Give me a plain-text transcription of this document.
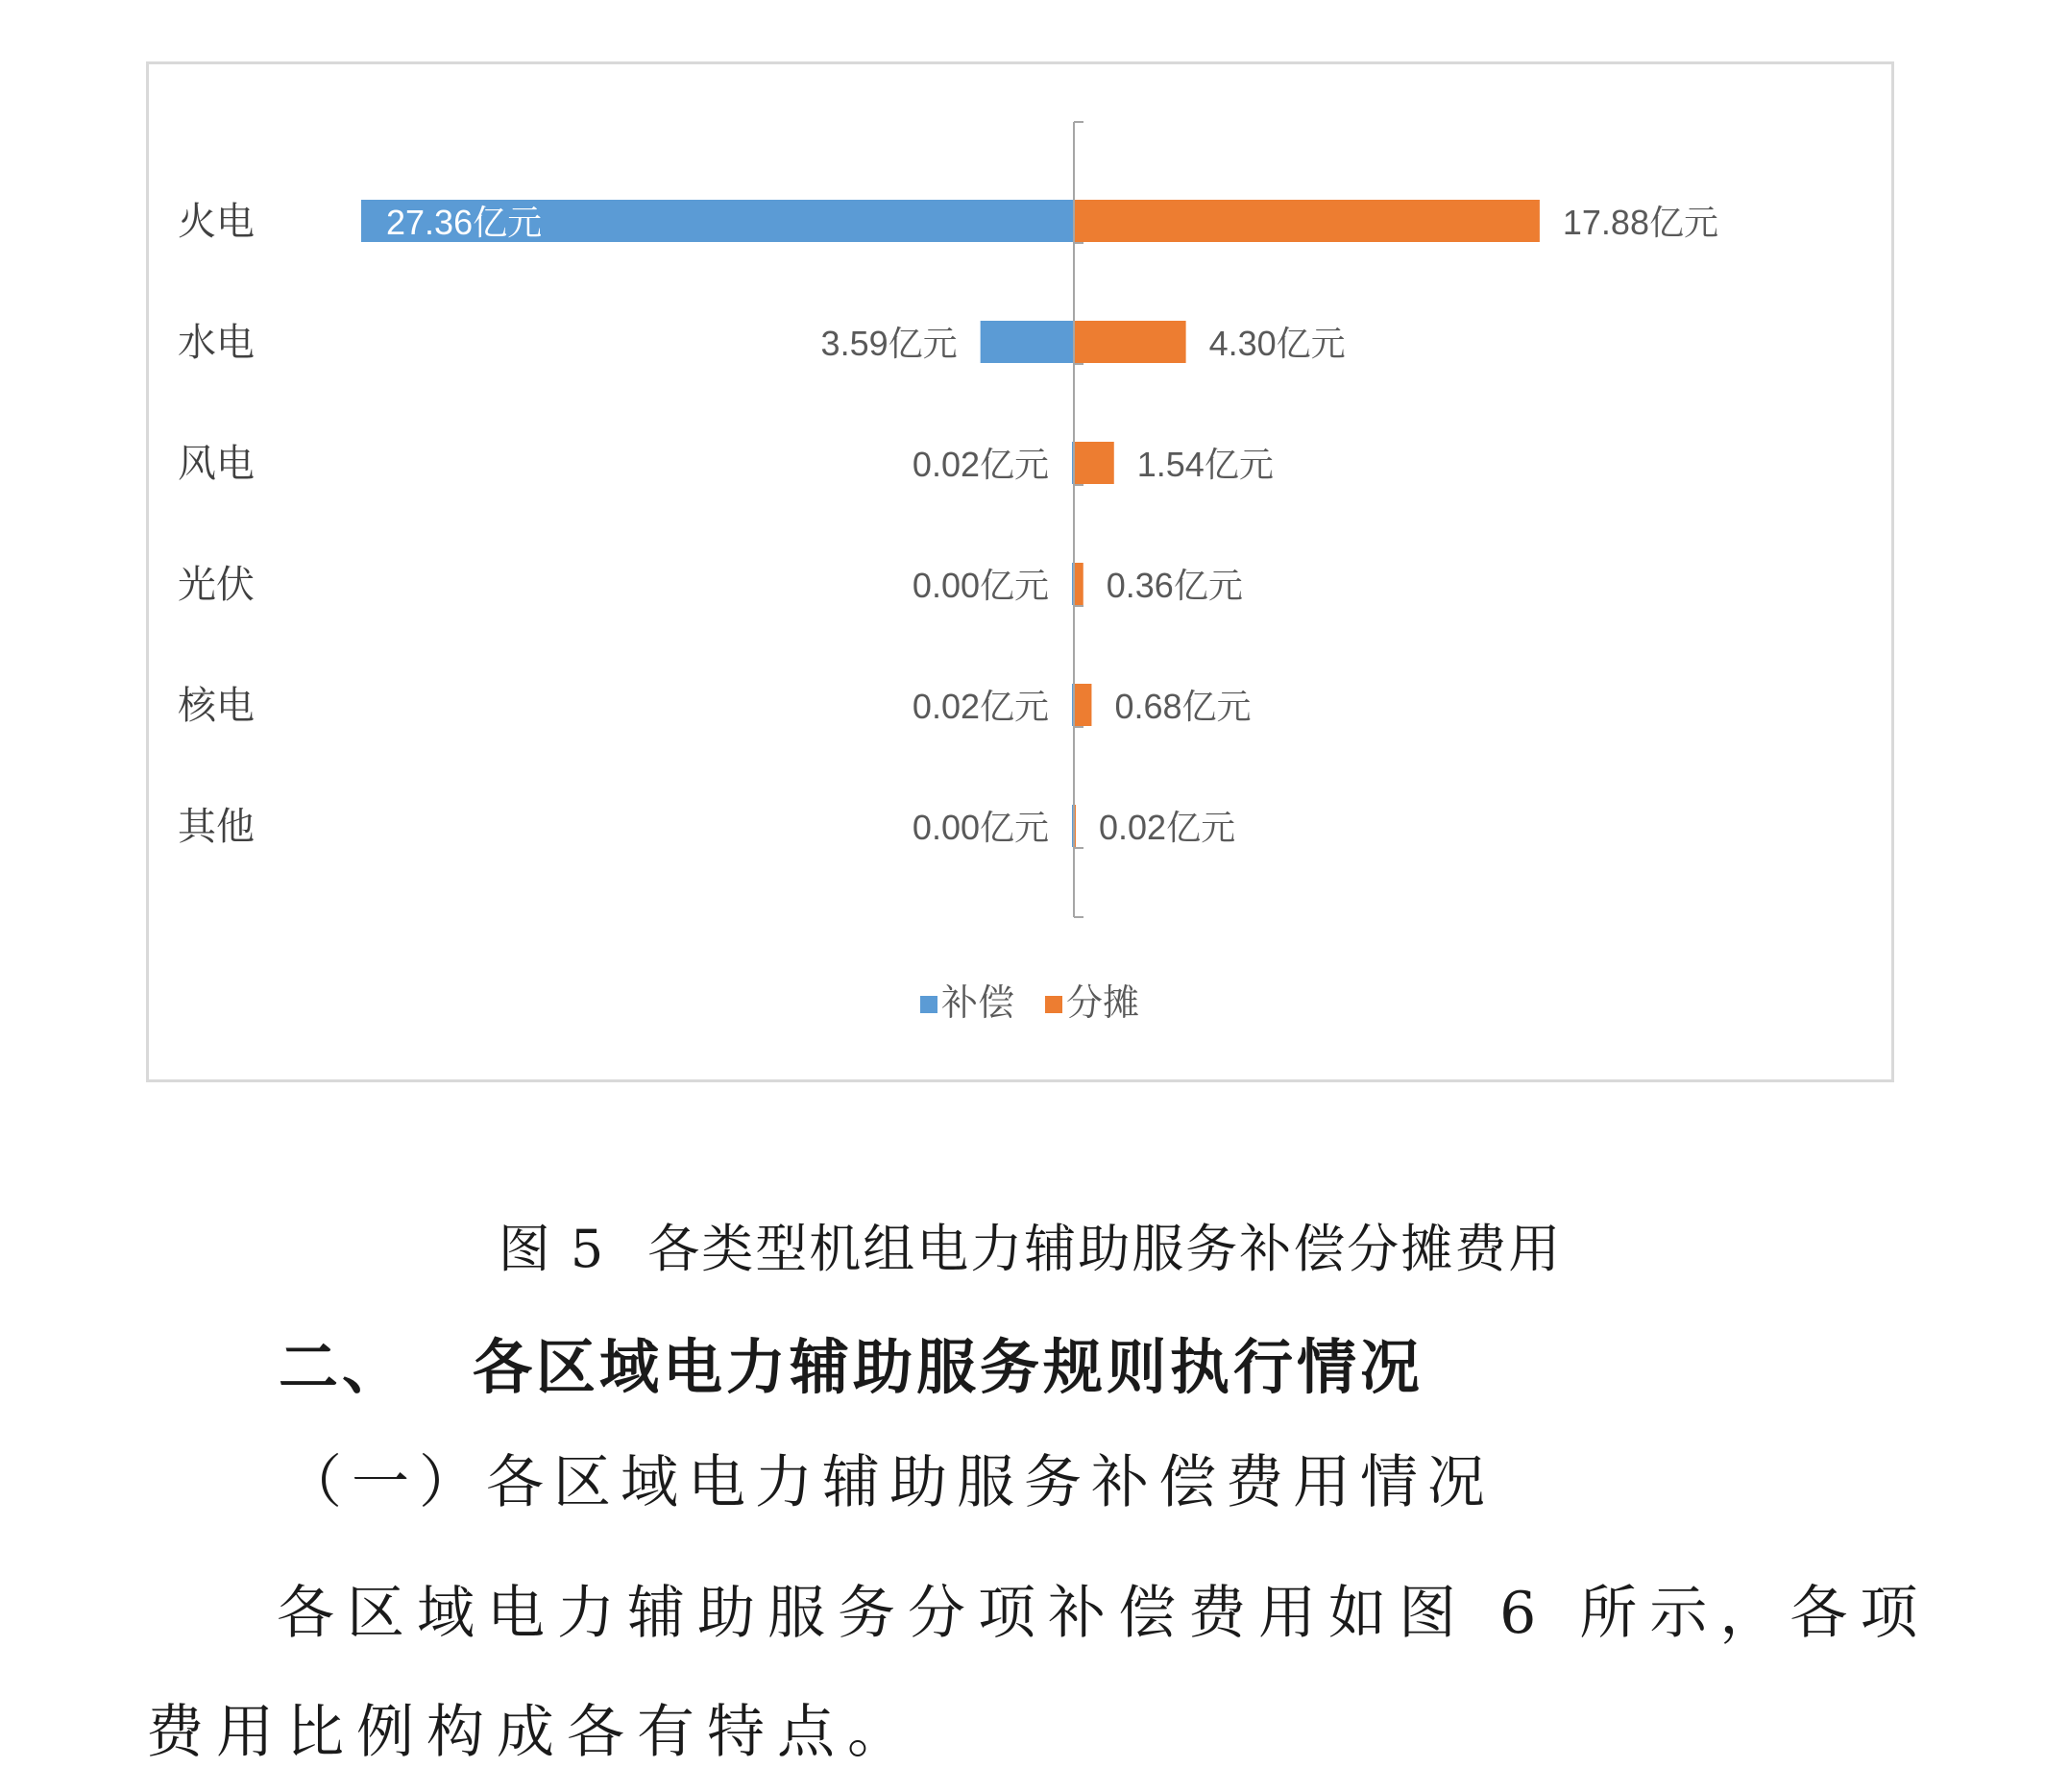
火电	27.36亿元	17.88亿元
水电	3.59亿元	4.30亿元
风电	0.02亿元	1.54亿元
光伏	0.00亿元 0.36亿元
核电	0.02亿元 0.68亿元
其他	0.00亿元 0.02亿元
补偿 分摊
图 5 各类型机组电力辅助服务补偿分摊费用
二、 各区域电力辅助服务规则执行情况
（一）各区域电力辅助服务补偿费用情况
各区域电力辅助服务分项补偿费用如图 6 所示，各项费用比例构成各有特点。
